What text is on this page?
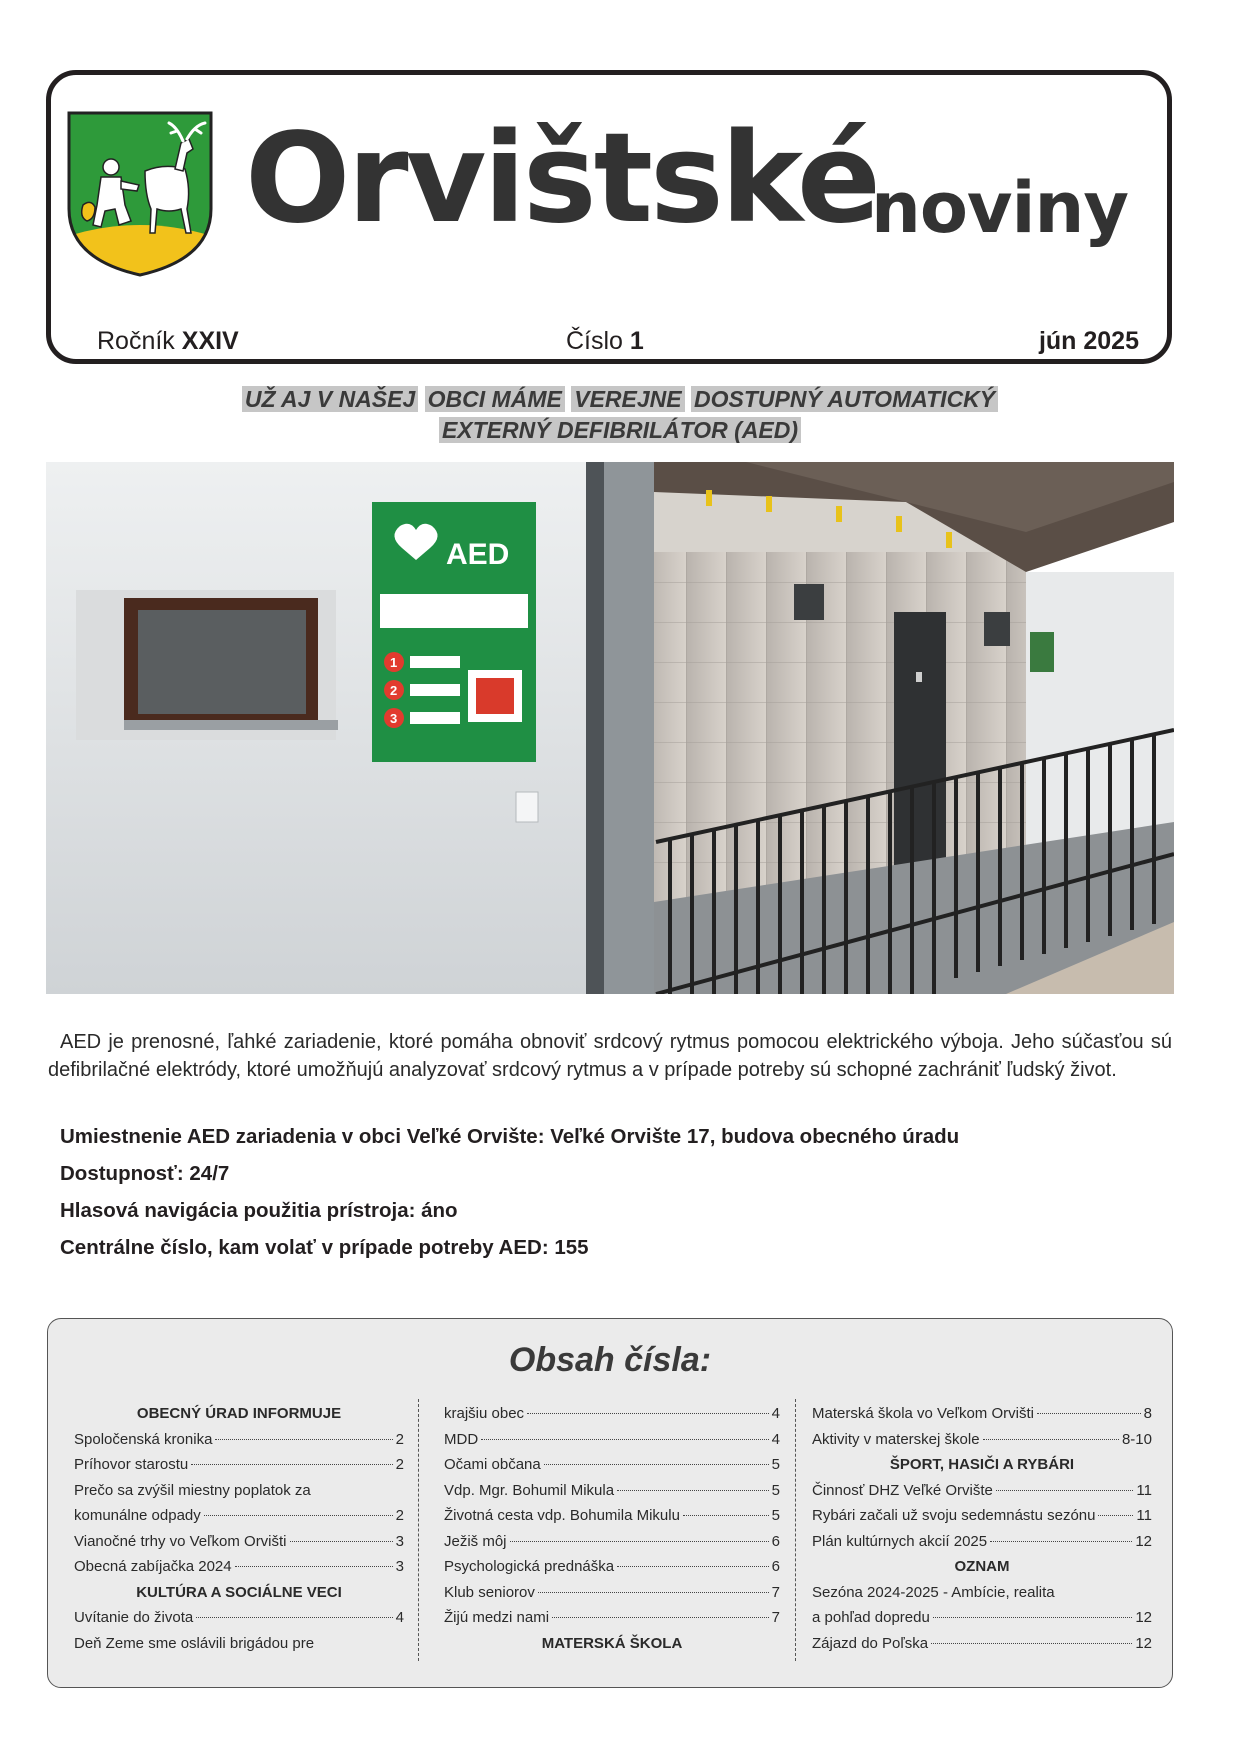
Orvištské
noviny
Ročník XXIV	Číslo 1	jún 2025
UŽ AJ V NAŠEJ OBCI MÁME VEREJNE DOSTUPNÝ AUTOMATICKÝ
EXTERNÝ DEFIBRILÁTOR (AED)
AED
1
2
3
AED je prenosné, ľahké zariadenie, ktoré pomáha obnoviť srdcový rytmus pomocou elektrického výboja. Jeho súčasťou sú defibrilačné elektródy, ktoré umožňujú analyzovať srdcový rytmus a v prípade potreby sú schopné zachrániť ľudský život.
Umiestnenie AED zariadenia v obci Veľké Orvište: Veľké Orvište 17, budova obecného úradu
Dostupnosť: 24/7
Hlasová navigácia použitia prístroja: áno
Centrálne číslo, kam volať v prípade potreby AED: 155
Obsah čísla:
OBECNÝ ÚRAD INFORMUJE
Spoločenská kronika	2
Príhovor starostu	2
Prečo sa zvýšil miestny poplatok za
komunálne odpady	2
Vianočné trhy vo Veľkom Orvišti	3
Obecná zabíjačka 2024	3
KULTÚRA A SOCIÁLNE VECI
Uvítanie do života	4
Deň Zeme sme oslávili brigádou pre
krajšiu obec	4
MDD	4
Očami občana	5
Vdp. Mgr. Bohumil Mikula	5
Životná cesta vdp. Bohumila Mikulu	5
Ježiš môj	6
Psychologická prednáška	6
Klub seniorov	7
Žijú medzi nami	7
MATERSKÁ ŠKOLA
Materská škola vo Veľkom Orvišti	8
Aktivity v materskej škole	8-10
ŠPORT, HASIČI A RYBÁRI
Činnosť DHZ Veľké Orvište	11
Rybári začali už svoju sedemnástu sezónu	11
Plán kultúrnych akcií 2025	12
OZNAM
Sezóna 2024-2025 - Ambície, realita
a pohľad dopredu	12
Zájazd do Poľska	12
